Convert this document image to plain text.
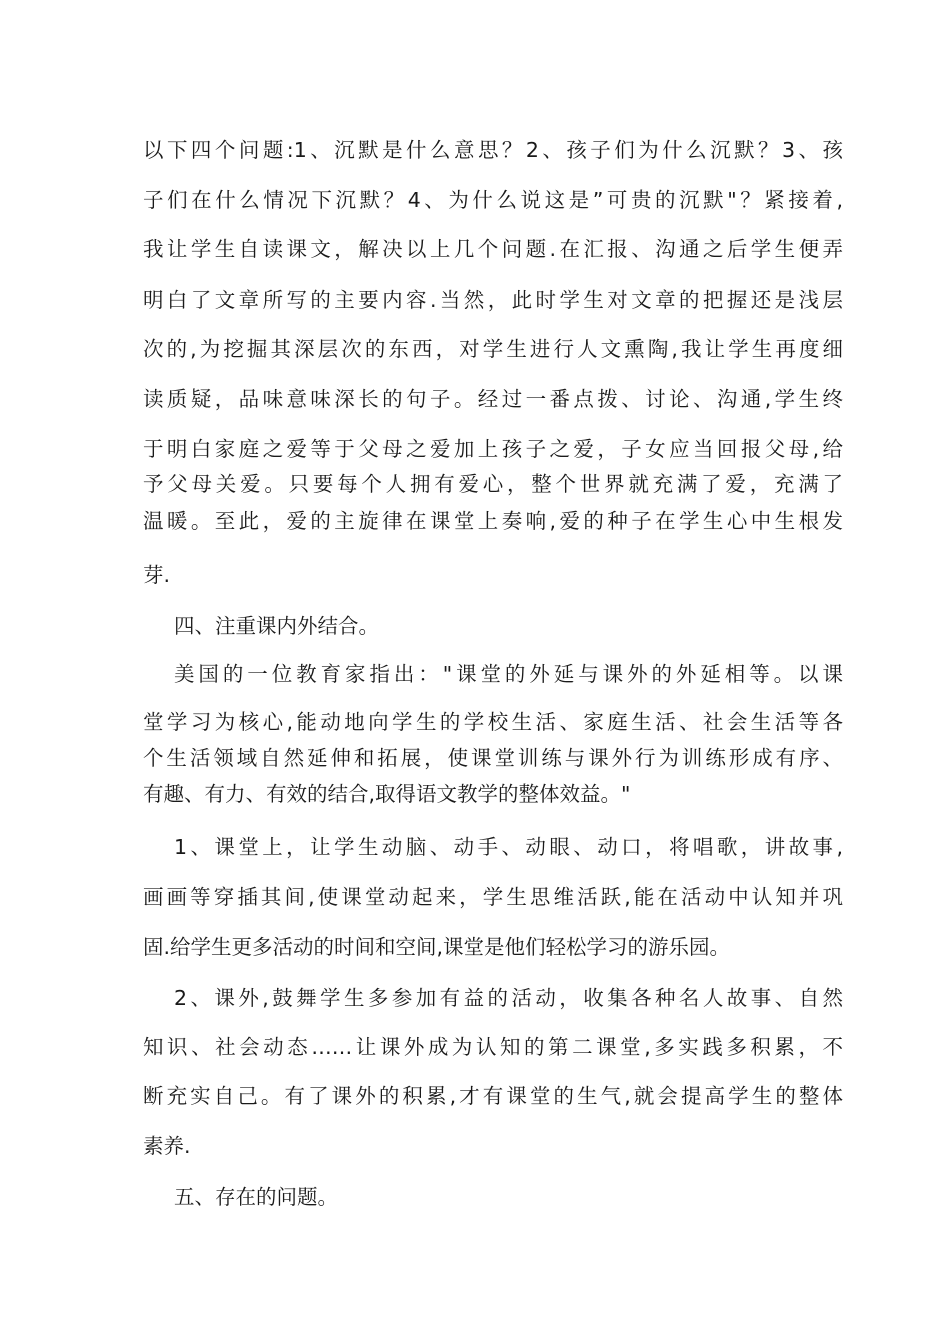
以下四个问题:1、沉默是什么意思？2、孩子们为什么沉默？3、孩
子们在什么情况下沉默？4、为什么说这是”可贵的沉默"？紧接着,
我让学生自读课文，解决以上几个问题.在汇报、沟通之后学生便弄
明白了文章所写的主要内容.当然，此时学生对文章的把握还是浅层
次的,为挖掘其深层次的东西，对学生进行人文熏陶,我让学生再度细
读质疑，品味意味深长的句子。经过一番点拨、讨论、沟通,学生终
于明白家庭之爱等于父母之爱加上孩子之爱，子女应当回报父母,给
予父母关爱。只要每个人拥有爱心，整个世界就充满了爱，充满了
温暖。至此，爱的主旋律在课堂上奏响,爱的种子在学生心中生根发
芽.
四、注重课内外结合。
美国的一位教育家指出："课堂的外延与课外的外延相等。以课
堂学习为核心,能动地向学生的学校生活、家庭生活、社会生活等各
个生活领域自然延伸和拓展，使课堂训练与课外行为训练形成有序、
有趣、有力、有效的结合,取得语文教学的整体效益。"
1、课堂上，让学生动脑、动手、动眼、动口，将唱歌，讲故事,
画画等穿插其间,使课堂动起来，学生思维活跃,能在活动中认知并巩
固.给学生更多活动的时间和空间,课堂是他们轻松学习的游乐园。
2、课外,鼓舞学生多参加有益的活动，收集各种名人故事、自然
知识、社会动态……让课外成为认知的第二课堂,多实践多积累，不
断充实自己。有了课外的积累,才有课堂的生气,就会提高学生的整体
素养.
五、存在的问题。
